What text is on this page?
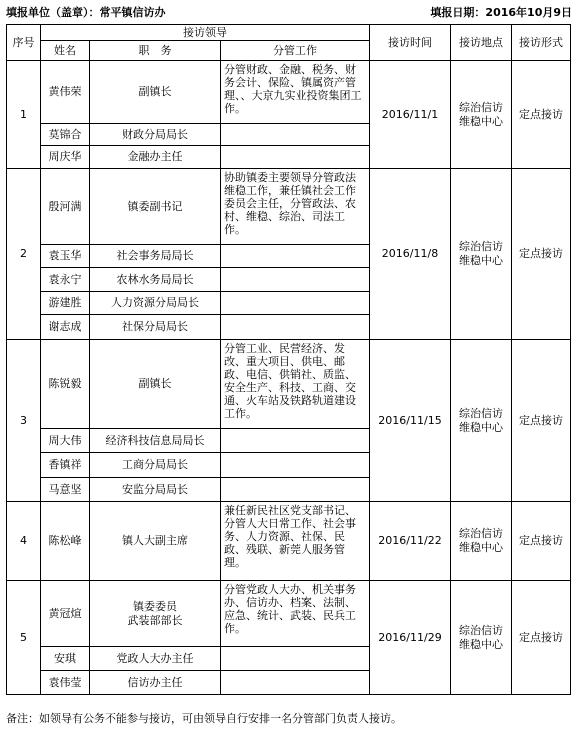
填报单位（盖章）：常平镇信访办	填报日期：2016年10月9日
序号	接访领导			接访时间	接访地点	接访形式
	姓名	职　务	分管工作			
1	黄伟荣	副镇长	分管财政、金融、税务、财务会计、保险、镇属资产管理、、大京九实业投资集团工作。	2016/11/1	综治信访维稳中心	定点接访
	莫锦合	财政分局局长				
	周庆华	金融办主任				
2	殷河满	镇委副书记	协助镇委主要领导分管政法维稳工作，兼任镇社会工作委员会主任，分管政法、农村、维稳、综治、司法工作。	2016/11/8	综治信访维稳中心	定点接访
	袁玉华	社会事务局局长				
	袁永宁	农林水务局局长				
	游建胜	人力资源分局局长				
	谢志成	社保分局局长				
3	陈锐毅	副镇长	分管工业、民营经济、发改、重大项目、供电、邮政、电信、供销社、质监、安全生产、科技、工商、交通、火车站及铁路轨道建设工作。	2016/11/15	综治信访维稳中心	定点接访
	周大伟	经济科技信息局局长				
	香镇祥	工商分局局长				
	马意坚	安监分局局长				
4	陈松峰	镇人大副主席	兼任新民社区党支部书记、分管人大日常工作、社会事务、人力资源、社保、民政、残联、新莞人服务管理。	2016/11/22	综治信访维稳中心	定点接访
5	黄冠煊	镇委委员
武装部部长	分管党政人大办、机关事务办、信访办、档案、法制、应急、统计、武装、民兵工作。	2016/11/29	综治信访维稳中心	定点接访
	安琪	党政人大办主任				
	袁伟莹	信访办主任				
备注：如领导有公务不能参与接访，可由领导自行安排一名分管部门负责人接访。
